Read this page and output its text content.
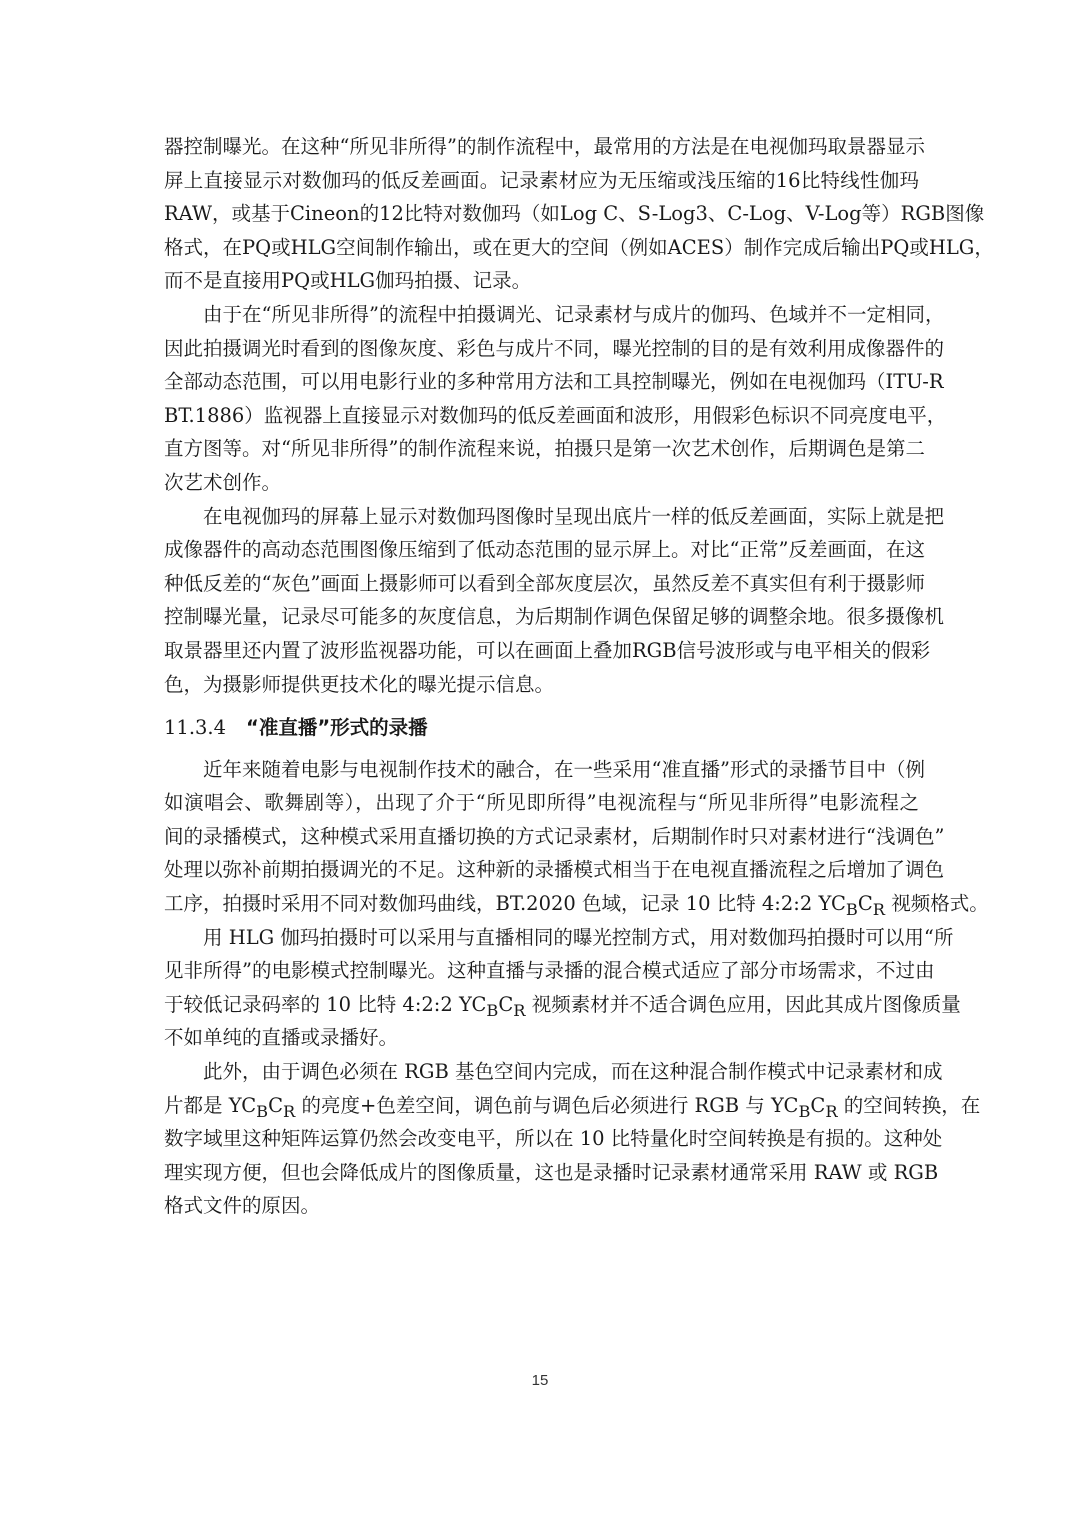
器控制曝光。在这种“所见非所得”的制作流程中，最常用的方法是在电视伽玛取景器显示
屏上直接显示对数伽玛的低反差画面。记录素材应为无压缩或浅压缩的16比特线性伽玛
RAW，或基于Cineon的12比特对数伽玛（如Log C、S-Log3、C-Log、V-Log等）RGB图像
格式，在PQ或HLG空间制作输出，或在更大的空间（例如ACES）制作完成后输出PQ或HLG，
而不是直接用PQ或HLG伽玛拍摄、记录。
由于在“所见非所得”的流程中拍摄调光、记录素材与成片的伽玛、色域并不一定相同，
因此拍摄调光时看到的图像灰度、彩色与成片不同，曝光控制的目的是有效利用成像器件的
全部动态范围，可以用电影行业的多种常用方法和工具控制曝光，例如在电视伽玛（ITU-R
BT.1886）监视器上直接显示对数伽玛的低反差画面和波形，用假彩色标识不同亮度电平，
直方图等。对“所见非所得”的制作流程来说，拍摄只是第一次艺术创作，后期调色是第二
次艺术创作。
在电视伽玛的屏幕上显示对数伽玛图像时呈现出底片一样的低反差画面，实际上就是把
成像器件的高动态范围图像压缩到了低动态范围的显示屏上。对比“正常”反差画面，在这
种低反差的“灰色”画面上摄影师可以看到全部灰度层次，虽然反差不真实但有利于摄影师
控制曝光量，记录尽可能多的灰度信息，为后期制作调色保留足够的调整余地。很多摄像机
取景器里还内置了波形监视器功能，可以在画面上叠加RGB信号波形或与电平相关的假彩
色，为摄影师提供更技术化的曝光提示信息。
11.3.4 “准直播”形式的录播
近年来随着电影与电视制作技术的融合，在一些采用“准直播”形式的录播节目中（例
如演唱会、歌舞剧等），出现了介于“所见即所得”电视流程与“所见非所得”电影流程之
间的录播模式，这种模式采用直播切换的方式记录素材，后期制作时只对素材进行“浅调色”
处理以弥补前期拍摄调光的不足。这种新的录播模式相当于在电视直播流程之后增加了调色
工序，拍摄时采用不同对数伽玛曲线，BT.2020 色域，记录 10 比特 4:2:2 $YC_BC_R$ 视频格式。
用 HLG 伽玛拍摄时可以采用与直播相同的曝光控制方式，用对数伽玛拍摄时可以用“所
见非所得”的电影模式控制曝光。这种直播与录播的混合模式适应了部分市场需求，不过由
于较低记录码率的 10 比特 4:2:2 $YC_BC_R$ 视频素材并不适合调色应用，因此其成片图像质量
不如单纯的直播或录播好。
此外，由于调色必须在 RGB 基色空间内完成，而在这种混合制作模式中记录素材和成
片都是 $YC_BC_R$ 的亮度+色差空间，调色前与调色后必须进行 RGB 与 $YC_BC_R$ 的空间转换，在
数字域里这种矩阵运算仍然会改变电平，所以在 10 比特量化时空间转换是有损的。这种处
理实现方便，但也会降低成片的图像质量，这也是录播时记录素材通常采用 RAW 或 RGB
格式文件的原因。
15
